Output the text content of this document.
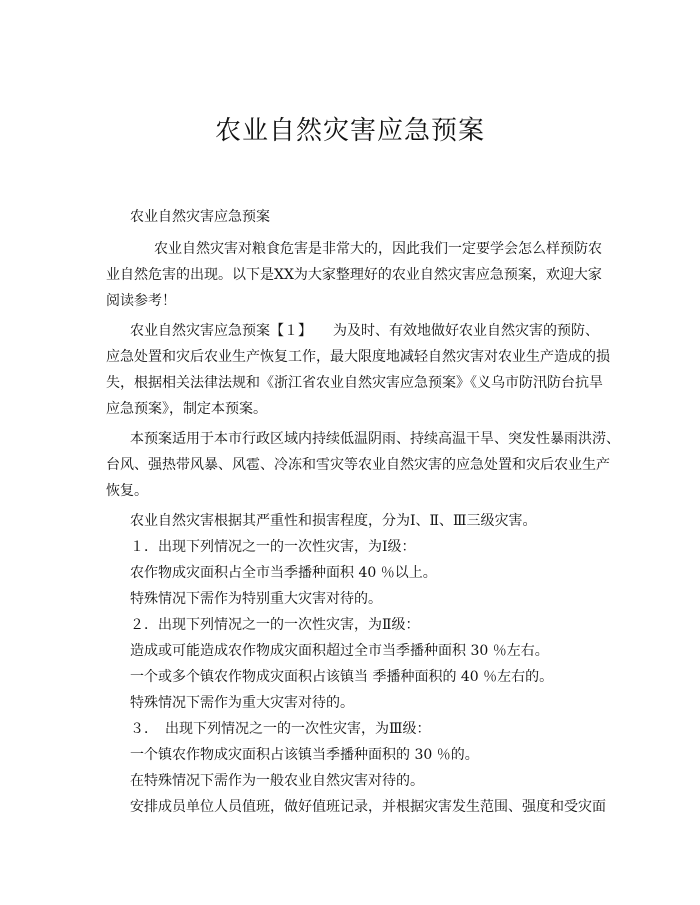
农业自然灾害应急预案

农业自然灾害应急预案

农业自然灾害对粮食危害是非常大的，因此我们一定要学会怎么样预防农
业自然危害的出现。以下是XX为大家整理好的农业自然灾害应急预案，欢迎大家
阅读参考！
农业自然灾害应急预案【１】　　为及时、有效地做好农业自然灾害的预防、
应急处置和灾后农业生产恢复工作，最大限度地减轻自然灾害对农业生产造成的损
失，根据相关法律法规和《浙江省农业自然灾害应急预案》《义乌市防汛防台抗旱
应急预案》，制定本预案。
本预案适用于本市行政区域内持续低温阴雨、持续高温干旱、突发性暴雨洪涝、
台风、强热带风暴、风雹、冷冻和雪灾等农业自然灾害的应急处置和灾后农业生产
恢复。
农业自然灾害根据其严重性和损害程度，分为Ⅰ、Ⅱ、Ⅲ三级灾害。
１．出现下列情况之一的一次性灾害，为Ⅰ级：
农作物成灾面积占全市当季播种面积 40 ％以上。
特殊情况下需作为特别重大灾害对待的。
２．出现下列情况之一的一次性灾害，为Ⅱ级：
造成或可能造成农作物成灾面积超过全市当季播种面积 30 ％左右。
一个或多个镇农作物成灾面积占该镇当 季播种面积的 40 ％左右的。
特殊情况下需作为重大灾害对待的。
３．　出现下列情况之一的一次性灾害，为Ⅲ级：
一个镇农作物成灾面积占该镇当季播种面积的 30 ％的。
在特殊情况下需作为一般农业自然灾害对待的。
安排成员单位人员值班，做好值班记录，并根据灾害发生范围、强度和受灾面
